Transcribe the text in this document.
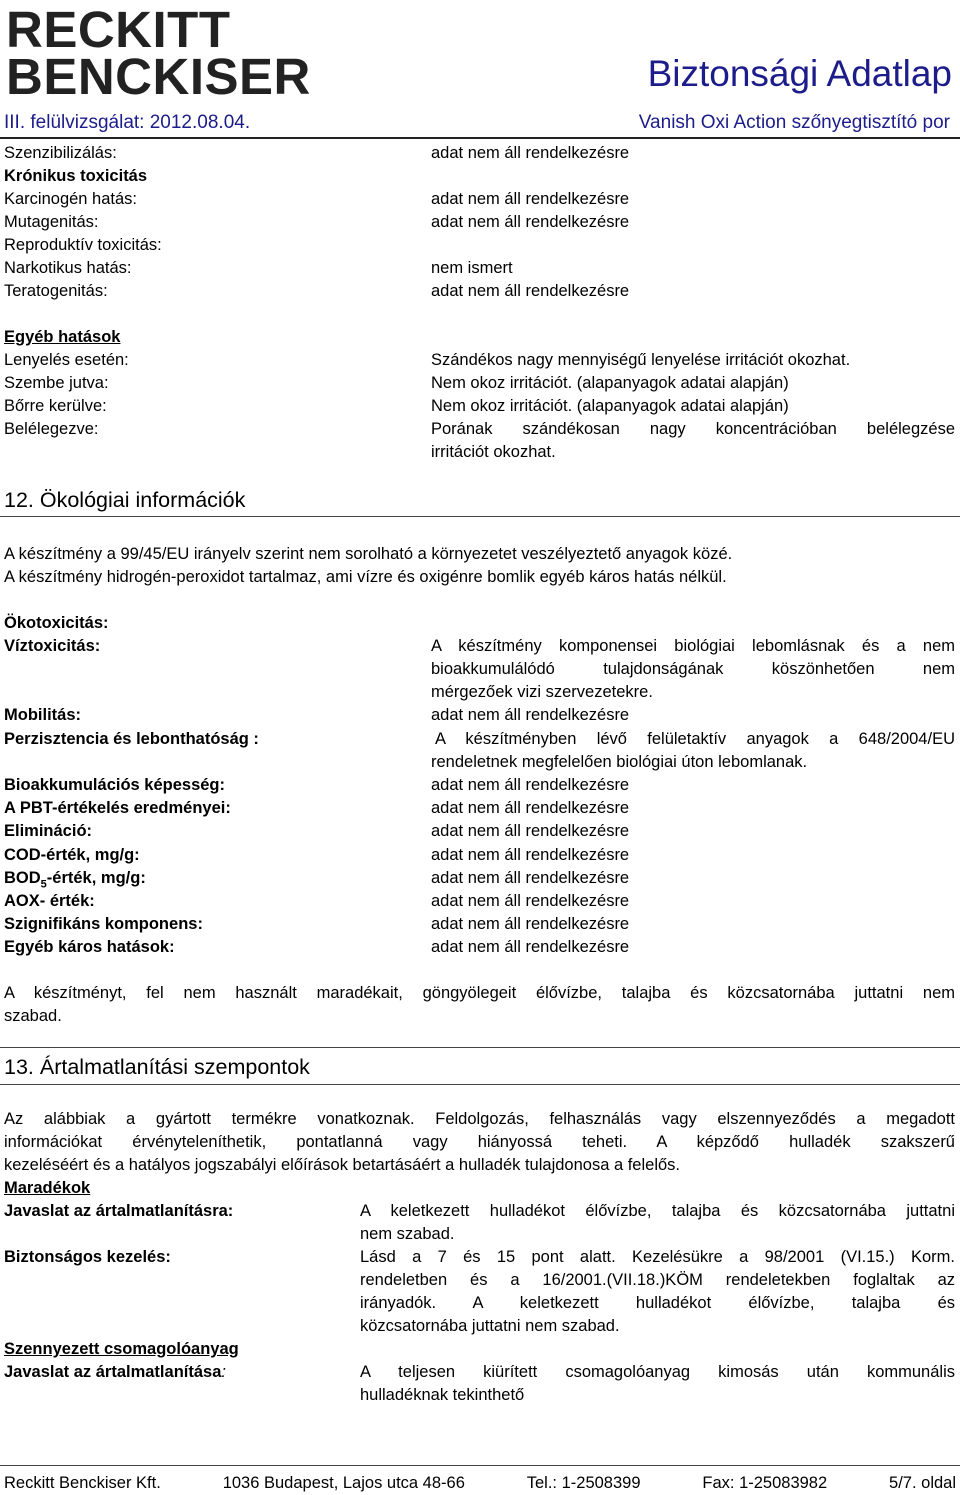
RECKITT
BENCKISER	Biztonsági Adatlap
III. felülvizsgálat: 2012.08.04.	Vanish Oxi Action szőnyegtisztító por
Szenzibilizálás:	adat nem áll rendelkezésre
Krónikus toxicitás
Karcinogén hatás:	adat nem áll rendelkezésre
Mutagenitás:	adat nem áll rendelkezésre
Reproduktív toxicitás:
Narkotikus hatás:	nem ismert
Teratogenitás:	adat nem áll rendelkezésre
Egyéb hatások
Lenyelés esetén:	Szándékos nagy mennyiségű lenyelése irritációt okozhat.
Szembe jutva:	Nem okoz irritációt. (alapanyagok adatai alapján)
Bőrre kerülve:	Nem okoz irritációt. (alapanyagok adatai alapján)
Belélegezve:	Porának szándékosan nagy koncentrációban belélegzése
irritációt okozhat.
12. Ökológiai információk
A készítmény a 99/45/EU irányelv szerint nem sorolható a környezetet veszélyeztető anyagok közé.
A készítmény hidrogén-peroxidot tartalmaz, ami vízre és oxigénre bomlik egyéb káros hatás nélkül.
Ökotoxicitás:
Víztoxicitás:	A készítmény komponensei biológiai lebomlásnak és a nem
bioakkumulálódó tulajdonságának köszönhetően nem
mérgezőek vizi szervezetekre.
Mobilitás:	adat nem áll rendelkezésre
Perzisztencia és lebonthatóság :	A készítményben lévő felületaktív anyagok a 648/2004/EU
rendeletnek megfelelően biológiai úton lebomlanak.
Bioakkumulációs képesség:	adat nem áll rendelkezésre
A PBT-értékelés eredményei:	adat nem áll rendelkezésre
Elimináció:	adat nem áll rendelkezésre
COD-érték, mg/g:	adat nem áll rendelkezésre
$BOD_5$-érték, mg/g:	adat nem áll rendelkezésre
AOX- érték:	adat nem áll rendelkezésre
Szignifikáns komponens:	adat nem áll rendelkezésre
Egyéb káros hatások:	adat nem áll rendelkezésre
A készítményt, fel nem használt maradékait, göngyölegeit élővízbe, talajba és közcsatornába juttatni nem
szabad.
13. Ártalmatlanítási szempontok
Az alábbiak a gyártott termékre vonatkoznak. Feldolgozás, felhasználás vagy elszennyeződés a megadott
információkat érvényteleníthetik, pontatlanná vagy hiányossá teheti. A képződő hulladék szakszerű
kezeléséért és a hatályos jogszabályi előírások betartásáért a hulladék tulajdonosa a felelős.
Maradékok
Javaslat az ártalmatlanításra:	A keletkezett hulladékot élővízbe, talajba és közcsatornába juttatni
nem szabad.
Biztonságos kezelés:	Lásd a 7 és 15 pont alatt. Kezelésükre a 98/2001 (VI.15.) Korm.
rendeletben és a 16/2001.(VII.18.)KÖM rendeletekben foglaltak az
irányadók. A keletkezett hulladékot élővízbe, talajba és
közcsatornába juttatni nem szabad.
Szennyezett csomagolóanyag
Javaslat az ártalmatlanítása:	A teljesen kiürített csomagolóanyag kimosás után kommunális
hulladéknak tekinthető
Reckitt Benckiser Kft.	1036 Budapest, Lajos utca 48-66	Tel.: 1-2508399	Fax: 1-25083982	5/7. oldal
